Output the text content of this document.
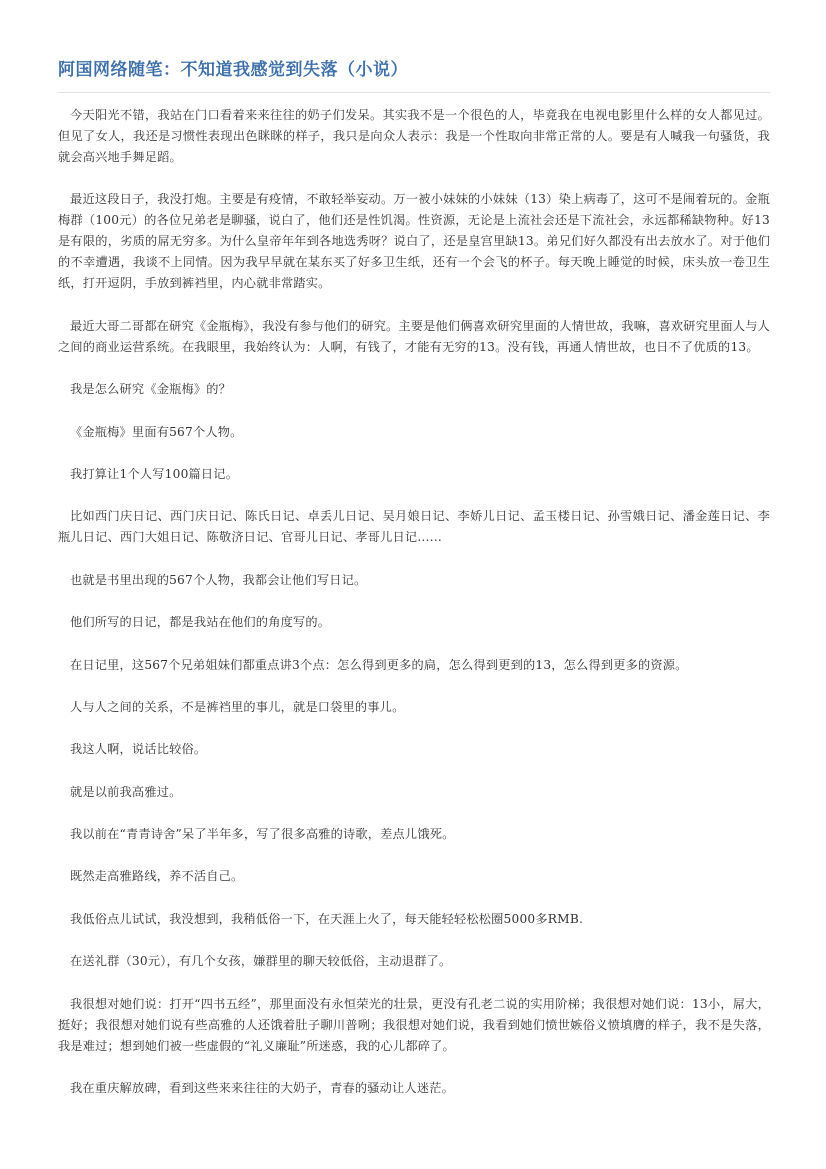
阿国网络随笔：不知道我感觉到失落（小说）

今天阳光不错，我站在门口看着来来往往的奶子们发呆。其实我不是一个很色的人，毕竟我在电视电影里什么样的女人都见过。但见了女人，我还是习惯性表现出色眯眯的样子，我只是向众人表示：我是一个性取向非常正常的人。要是有人喊我一句骚货，我就会高兴地手舞足蹈。

最近这段日子，我没打炮。主要是有疫情，不敢轻举妄动。万一被小妹妹的小妹妹（13）染上病毒了，这可不是闹着玩的。金瓶梅群（100元）的各位兄弟老是聊骚，说白了，他们还是性饥渴。性资源，无论是上流社会还是下流社会，永远都稀缺物种。好13是有限的，劣质的屌无穷多。为什么皇帝年年到各地选秀呀？说白了，还是皇宫里缺13。弟兄们好久都没有出去放水了。对于他们的不幸遭遇，我谈不上同情。因为我早早就在某东买了好多卫生纸，还有一个会飞的杯子。每天晚上睡觉的时候，床头放一卷卫生纸，打开逗阴，手放到裤裆里，内心就非常踏实。

最近大哥二哥都在研究《金瓶梅》，我没有参与他们的研究。主要是他们俩喜欢研究里面的人情世故，我嘛，喜欢研究里面人与人之间的商业运营系统。在我眼里，我始终认为：人啊，有钱了，才能有无穷的13。没有钱，再通人情世故，也日不了优质的13。

我是怎么研究《金瓶梅》的？

《金瓶梅》里面有567个人物。

我打算让1个人写100篇日记。

比如西门庆日记、西门庆日记、陈氏日记、卓丢儿日记、吴月娘日记、李娇儿日记、孟玉楼日记、孙雪娥日记、潘金莲日记、李瓶儿日记、西门大姐日记、陈敬济日记、官哥儿日记、孝哥儿日记……

也就是书里出现的567个人物，我都会让他们写日记。

他们所写的日记，都是我站在他们的角度写的。

在日记里，这567个兄弟姐妹们都重点讲3个点：怎么得到更多的扃，怎么得到更到的13，怎么得到更多的资源。

人与人之间的关系，不是裤裆里的事儿，就是口袋里的事儿。

我这人啊，说话比较俗。

就是以前我高雅过。

我以前在“青青诗舍”呆了半年多，写了很多高雅的诗歌，差点儿饿死。

既然走高雅路线，养不活自己。

我低俗点儿试试，我没想到，我稍低俗一下，在天涯上火了，每天能轻轻松松圈5000多RMB.

在送礼群（30元），有几个女孩，嫌群里的聊天较低俗，主动退群了。

我很想对她们说：打开“四书五经”，那里面没有永恒荣光的壮景，更没有孔老二说的实用阶梯；我很想对她们说：13小，屌大，挺好；我很想对她们说有些高雅的人还饿着肚子聊川普咧；我很想对她们说，我看到她们愤世嫉俗义愤填膺的样子，我不是失落，我是难过；想到她们被一些虚假的“礼义廉耻”所迷惑，我的心儿都碎了。

我在重庆解放碑，看到这些来来往往的大奶子，青春的骚动让人迷茫。
